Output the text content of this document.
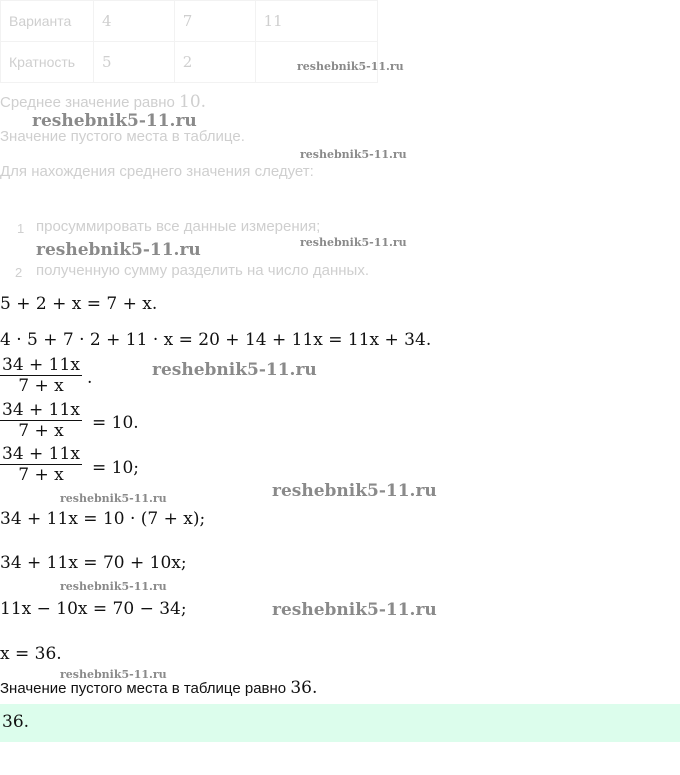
Варианта	4	7	11
Кратность	5	2	
Среднее значение равно 10.
Значение пустого места в таблице.
Для нахождения среднего значения следует:
1 просуммировать все данные измерения;
2 полученную сумму разделить на число данных.
5 + 2 + x = 7 + x.
4 · 5 + 7 · 2 + 11 · x = 20 + 14 + 11x = 11x + 34.
34 + 11x
7 + x	.
34 + 11x
7 + x	= 10.
34 + 11x
7 + x	= 10;
34 + 11x = 10 · (7 + x);
34 + 11x = 70 + 10x;
11x − 10x = 70 − 34;
x = 36.
Значение пустого места в таблице равно 36.
36.
reshebnik5-11.ru
reshebnik5-11.ru
reshebnik5-11.ru
reshebnik5-11.ru	reshebnik5-11.ru
reshebnik5-11.ru
reshebnik5-11.ru	reshebnik5-11.ru
reshebnik5-11.ru
reshebnik5-11.ru
reshebnik5-11.ru
